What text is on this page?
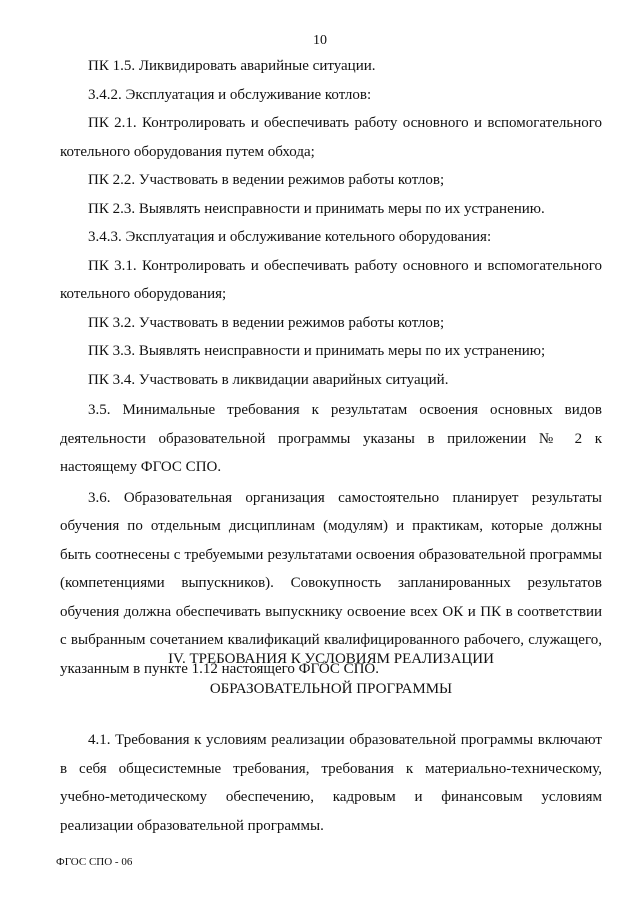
10

ПК 1.5. Ликвидировать аварийные ситуации.

3.4.2. Эксплуатация и обслуживание котлов:

ПК 2.1. Контролировать и обеспечивать работу основного и вспомогательного котельного оборудования путем обхода;

ПК 2.2. Участвовать в ведении режимов работы котлов;

ПК 2.3. Выявлять неисправности и принимать меры по их устранению.

3.4.3. Эксплуатация и обслуживание котельного оборудования:

ПК 3.1. Контролировать и обеспечивать работу основного и вспомогательного котельного оборудования;

ПК 3.2. Участвовать в ведении режимов работы котлов;

ПК 3.3. Выявлять неисправности и принимать меры по их устранению;

ПК 3.4. Участвовать в ликвидации аварийных ситуаций.

3.5. Минимальные требования к результатам освоения основных видов деятельности образовательной программы указаны в приложении № 2 к настоящему ФГОС СПО.

3.6. Образовательная организация самостоятельно планирует результаты обучения по отдельным дисциплинам (модулям) и практикам, которые должны быть соотнесены с требуемыми результатами освоения образовательной программы (компетенциями выпускников). Совокупность запланированных результатов обучения должна обеспечивать выпускнику освоение всех ОК и ПК в соответствии с выбранным сочетанием квалификаций квалифицированного рабочего, служащего, указанным в пункте 1.12 настоящего ФГОС СПО.

IV. ТРЕБОВАНИЯ К УСЛОВИЯМ РЕАЛИЗАЦИИ
ОБРАЗОВАТЕЛЬНОЙ ПРОГРАММЫ

4.1. Требования к условиям реализации образовательной программы включают в себя общесистемные требования, требования к материально-техническому, учебно-методическому обеспечению, кадровым и финансовым условиям реализации образовательной программы.

ФГОС СПО - 06
